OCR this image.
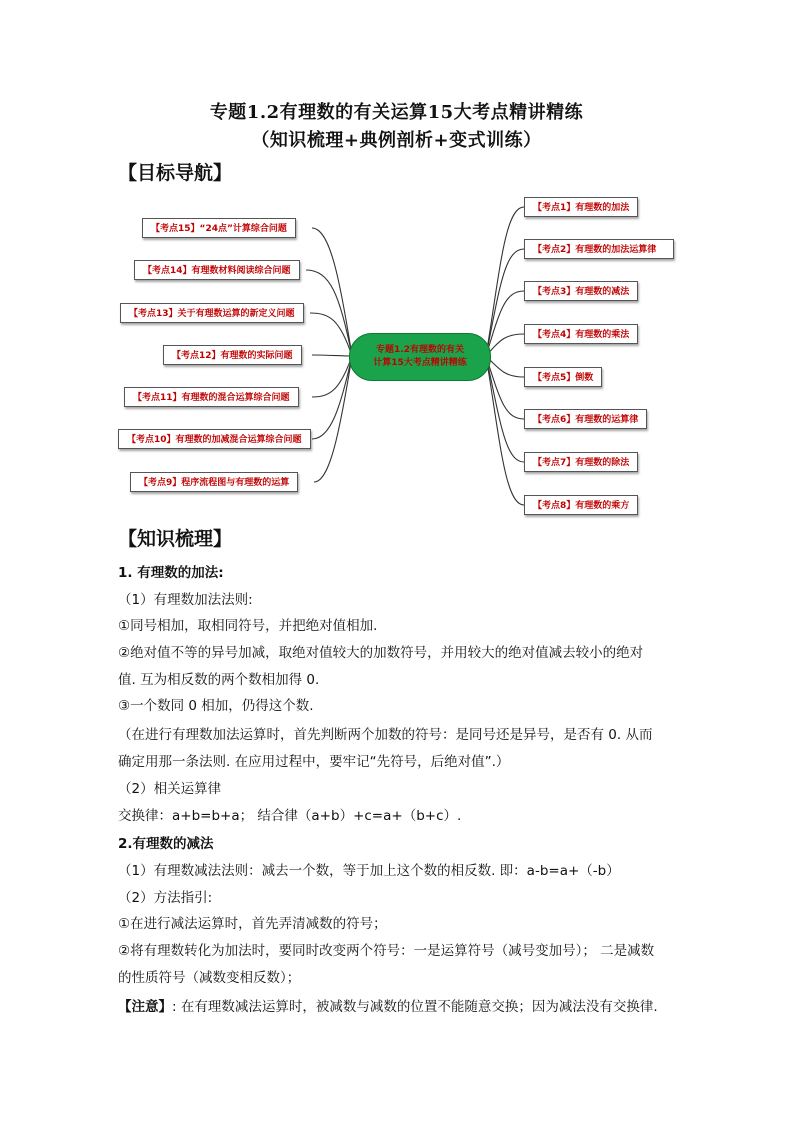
专题1.2有理数的有关运算15大考点精讲精练
（知识梳理+典例剖析+变式训练）
【目标导航】
【考点15】“24点”计算综合问题
【考点14】有理数材料阅读综合问题
【考点13】关于有理数运算的新定义问题
【考点12】有理数的实际问题
【考点11】有理数的混合运算综合问题
【考点10】有理数的加减混合运算综合问题
【考点9】程序流程图与有理数的运算
专题1.2有理数的有关
计算15大考点精讲精练
【考点1】有理数的加法
【考点2】有理数的加法运算律
【考点3】有理数的减法
【考点4】有理数的乘法
【考点5】倒数
【考点6】有理数的运算律
【考点7】有理数的除法
【考点8】有理数的乘方
【知识梳理】
1. 有理数的加法:
（1）有理数加法法则:
①同号相加，取相同符号，并把绝对值相加.
②绝对值不等的异号加减，取绝对值较大的加数符号，并用较大的绝对值减去较小的绝对
值. 互为相反数的两个数相加得 0.
③一个数同 0 相加，仍得这个数.
（在进行有理数加法运算时，首先判断两个加数的符号：是同号还是异号，是否有 0. 从而
确定用那一条法则. 在应用过程中，要牢记“先符号，后绝对值”.）
（2）相关运算律
交换律：a+b=b+a； 结合律（a+b）+c=a+（b+c）.
2.有理数的减法
（1）有理数减法法则：减去一个数，等于加上这个数的相反数. 即：a-b=a+（-b）
（2）方法指引:
①在进行减法运算时，首先弄清减数的符号；
②将有理数转化为加法时，要同时改变两个符号：一是运算符号（减号变加号）； 二是减数
的性质符号（减数变相反数）；
【注意】: 在有理数减法运算时，被减数与减数的位置不能随意交换；因为减法没有交换律.
